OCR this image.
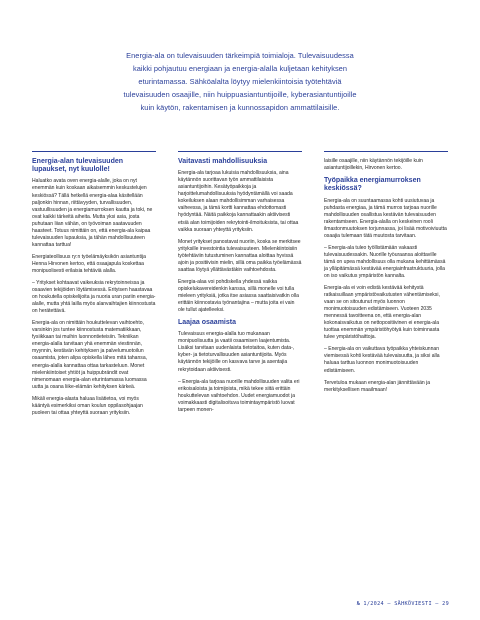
Energia-ala on tulevaisuuden tärkeimpiä toimialoja. Tulevaisuudessa

kaikki pohjautuu energiaan ja energia-alalla kuljetaan kehityksen

eturintamassa. Sähköalalta löytyy mielenkiintoisia työtehtäviä

tulevaisuuden osaajille, niin huippuasiantuntijoille, kyberasiantuntijoille

kuin käytön, rakentamisen ja kunnossapidon ammattilaisille.

Energia-alan tulevaisuuden lupaukset, nyt kuulolle!

Haluatko avata oven energia-alalle, joka on nyt enemmän kuin koskaan aikaisemmin keskustelujen keskiössä? Tällä hetkellä energia-alaa käsitellään paljonkin hinnan, riittävyyden, turvallisuuden, vastuullisuuden ja energiamurroksen kautta ja toki, ne ovat kaikki tärkeitä aiheita. Mutta yksi asia, josta puhutaan liian vähän, on työvoiman saatavuuden haasteet. Totuus nimittäin on, että energia-ala kaipaa tulevaisuuden lupauksia, ja tähän mahdollisuuteen kannattaa tarttua!

Energiateollisuus ry:n työelämäyksikön asiantuntija Henna Hirvonen kertoo, että osaajapula koskettaa monipuolisesti erilaisia tehtäviä alalla.

– Yritykset kohtaavat vaikeuksia rekrytoinneissa ja osaavien tekijöiden löytämisessä. Erityisen haastavaa on houkutella opiskelijoita ja nuoria uran pariin energia-alalle, mutta yhtä lailla myös alanvaihtajien kiinnostusta on herätettävä.

Energia-ala on nimittäin houkuttelevan vaihtoehto, varsinkin jos tuntee kiinnostusta matematiikkaan, fysiikkaan tai muihin luonnontieteisiin. Tekniikan energia-alalla tarvitaan yhä enemmän viestinnän, myynnin, kestävän kehityksen ja palvelumuotoilun osaamista, joten alipa opiskella lähes mitä tahansa, energia-alalla kannattaa ottaa tarkasteluun. Monet mielenkiintoiset yhtiöt ja huippubrändit ovat nimenomaan energia-alan eturintamassa luomassa uutta ja osana liike-elämän kehityksen kärkeä.

Mikäli energia-alasta haluaa lisätietoa, voi myös kääntyä esimerkiksi oman koulun oppilasohjaajan puoleen tai ottaa yhteyttä suoraan yrityksiin.

Vaitavasti mahdollisuuksia

Energia-ala tarjoaa lukuisia mahdollisuuksia, aina käytännön suorittavan työn ammattilaisista asiantuntijoihin. Kesätyöpaikkoja ja harjoittelumahdollisuuksia hyödyntämällä voi saada kokeiluksen alaan mahdollisimman varhaisessa vaiheessa, ja tämä kortti kannattaa ehdottomasti hyödyntää. Näitä paikkoja kannattaakin aktiivisesti etsiä alan toimijoiden rekrytointi-ilmoituksista, tai ottaa vaikka suoraan yhteyttä yrityksiin.

Monet yritykset panostavat nuoriin, koska se merkitsee yrityksille investointia tulevaisuuteen. Mielenkiintoisiin työtehtäviin tutustuminen kannattaa aloittaa hyvissä ajoin ja positiivisin mielin, sillä oma paikka työelämässä saattaa löytyä yllättävästäkin vaihtoehdosta.

Energia-alaa voi pohdiskella yhdessä vaikka opiskelukavereidenkin kanssa, sillä monelle voi tulla mieleen yrityksiä, jotka itse asiassa saattaisivatkin olla erittäin kiinnostavia työnantajina – mutta joita ei vain ole tullut ajatelleeksi.

Laajaa osaamista

Tulevaisuus energia-alalla tuo mukanaan monipuolisuutta ja vaatii osaamisen laajentumista. Lisäksi tarvitaan uudenlaista tietotaitoa, kuten data-, kyber- ja tietoturvallisuuden asiantuntijoita. Myös käytännön tekijöille on kasvava tarve ja asentajia rekrytoidaan aktiivisesti.

– Energia-ala tarjoaa nuorille mahdollisuuden valita eri erikoisaloista ja toimijoista, mikä tekee siitä erittäin houkuttelevan vaihtoehdon. Uudet energiamuodot ja voimakkaasti digitalisoituva toimintaympäristö luovat tarpeen monen-

laisille osaajille, niin käytännön tekijöille kuin asiantuntijoillekin, Hirvonen kertoo.

Työpaikka energiamurroksen keskiössä?

Energia-ala on suuntaamassa kohti uusiutuvaa ja puhdasta energiaa, ja tämä murros tarjoaa nuorille mahdollisuuden osallistua kestävän tulevaisuuden rakentamiseen. Energia-alalla on keskeinen rooli ilmastonmuutoksen torjunnassa, joi lisää motivoiviuutta osaajia tulemaan tätä muutosta tarvitaan.

– Energia-ala tuleo työllistämään vakaasti tulevaisuudessakin. Nuorille työuraansa aloittaville tämä on upea mahdollisuus olla mukana kehittämässä ja ylläpitämässä kestävää energiainfrastruktuuria, jolla on iso vaikutus ympäristön kannalta.

Energia-ala ei voin edistä kestävää kehitystä ratkaisuillaan ympäristövaikutusten vähentämiseksi, vaan se on sitoutunut myös luonnon monimuotoisuuden edistämiseen. Vuoteen 2035 mennessä tavoitteena on, että energia-alan kokonaisvaikutus on nettopositiivinen ei energia-ala tuottaa enemmän ympäristöhyötyä kuin toiminnasta tulee ympäristöhaittoja.

– Energia-ala on vaikuttava työpaikka yhteiskunnan viemisessä kohti kestävää tulevaisuutta, ja siksi alla haluaa tarttua luonnon monimuotoisuuden edistämiseen.

Tervetuloa mukaan energia-alan jännittävään ja merkityksellisen maailmaan!

№ 1/2024 – SÄHKÖVIESTI – 29
